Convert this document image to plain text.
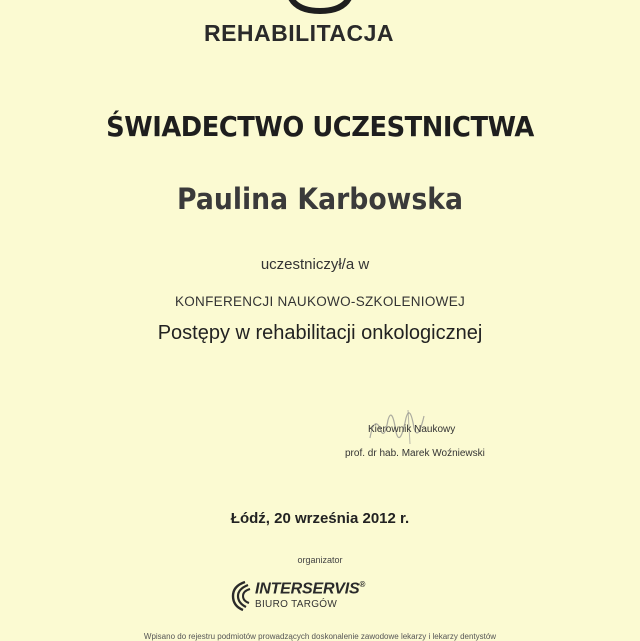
REHABILITACJA
ŚWIADECTWO UCZESTNICTWA
Paulina Karbowska
uczestniczył/a w
KONFERENCJI NAUKOWO-SZKOLENIOWEJ
Postępy w rehabilitacji onkologicznej
Kierownik Naukowy
prof. dr hab. Marek Woźniewski
Łódź, 20 września 2012 r.
organizator
INTERSERVIS®
BIURO TARGÓW
Wpisano do rejestru podmiotów prowadzących doskonalenie zawodowe lekarzy i lekarzy dentystów
